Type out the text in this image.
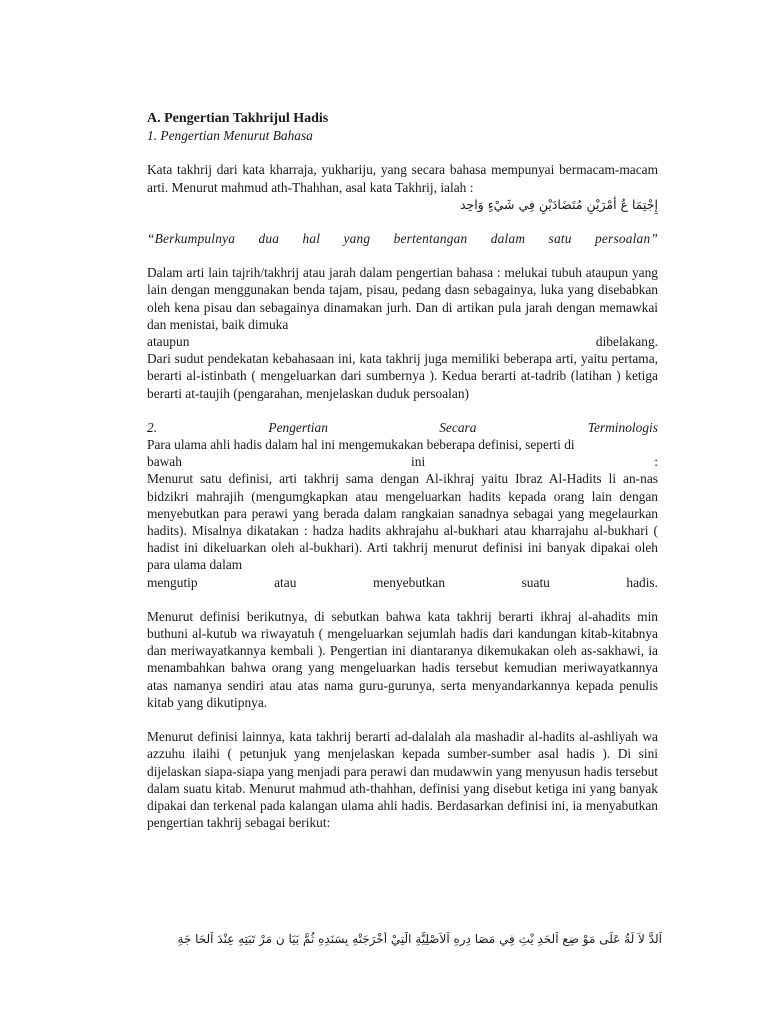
A. Pengertian Takhrijul Hadis

1. Pengertian Menurut Bahasa

Kata takhrij dari kata kharraja, yukhariju, yang secara bahasa mempunyai bermacam-macam arti. Menurut mahmud ath-Thahhan, asal kata Takhrij, ialah :

إِجْتِمَا عُ أمْرَيْنِ مُتَضَادَيْنِ فِي شَيْءٍ وَاحِد

“Berkumpulnya dua hal yang bertentangan dalam satu persoalan”

Dalam arti lain tajrih/takhrij atau jarah dalam pengertian bahasa : melukai tubuh ataupun yang lain dengan menggunakan benda tajam, pisau, pedang dasn sebagainya, luka yang disebabkan oleh kena pisau dan sebagainya dinamakan jurh. Dan di artikan pula jarah dengan memawkai dan menistai, baik dimuka

ataupun	dibelakang.

Dari sudut pendekatan kebahasaan ini, kata takhrij juga memiliki beberapa arti, yaitu pertama, berarti al-istinbath ( mengeluarkan dari sumbernya ). Kedua berarti at-tadrib (latihan ) ketiga berarti at-taujih (pengarahan, menjelaskan duduk persoalan)

2.	Pengertian	Secara	Terminologis

Para ulama ahli hadis dalam hal ini mengemukakan beberapa definisi, seperti di

bawah	ini	:

Menurut satu definisi, arti takhrij sama dengan Al-ikhraj yaitu Ibraz Al-Hadits li an-nas bidzikri mahrajih (mengumgkapkan atau mengeluarkan hadits kepada orang lain dengan menyebutkan para perawi yang berada dalam rangkaian sanadnya sebagai yang megelaurkan hadits). Misalnya dikatakan : hadza hadits akhrajahu al-bukhari atau kharrajahu al-bukhari ( hadist ini dikeluarkan oleh al-bukhari). Arti takhrij menurut definisi ini banyak dipakai oleh para ulama dalam

mengutip	atau	menyebutkan	suatu	hadis.

Menurut definisi berikutnya, di sebutkan bahwa kata takhrij berarti ikhraj al-ahadits min buthuni al-kutub wa riwayatuh ( mengeluarkan sejumlah hadis dari kandungan kitab-kitabnya dan meriwayatkannya kembali ). Pengertian ini diantaranya dikemukakan oleh as-sakhawi, ia menambahkan bahwa orang yang mengeluarkan hadis tersebut kemudian meriwayatkannya atas namanya sendiri atau atas nama guru-gurunya, serta menyandarkannya kepada penulis kitab yang dikutipnya.

Menurut definisi lainnya, kata takhrij berarti ad-dalalah ala mashadir al-hadits al-ashliyah wa azzuhu ilaihi ( petunjuk yang menjelaskan kepada sumber-sumber asal hadis ). Di sini dijelaskan siapa-siapa yang menjadi para perawi dan mudawwin yang menyusun hadis tersebut dalam suatu kitab. Menurut mahmud ath-thahhan, definisi yang disebut ketiga ini yang banyak dipakai dan terkenal pada kalangan ulama ahli hadis. Berdasarkan definisi ini, ia menyabutkan pengertian takhrij sebagai berikut:

اَلدَّ لاَ لَةُ عَلَى مَوْ ضِعِ اْلحَدِ يْثِ فِي مَصَا دِرِهِ اْلاَصْلِيَّةِ الَّتِيْ أَخْرَجَتْهِ بِسَنَدِهِ ثُمَّ بَيَا نِ مَرْ تَبَتِهِ عِنْدَ اْلحَا جَةِ
